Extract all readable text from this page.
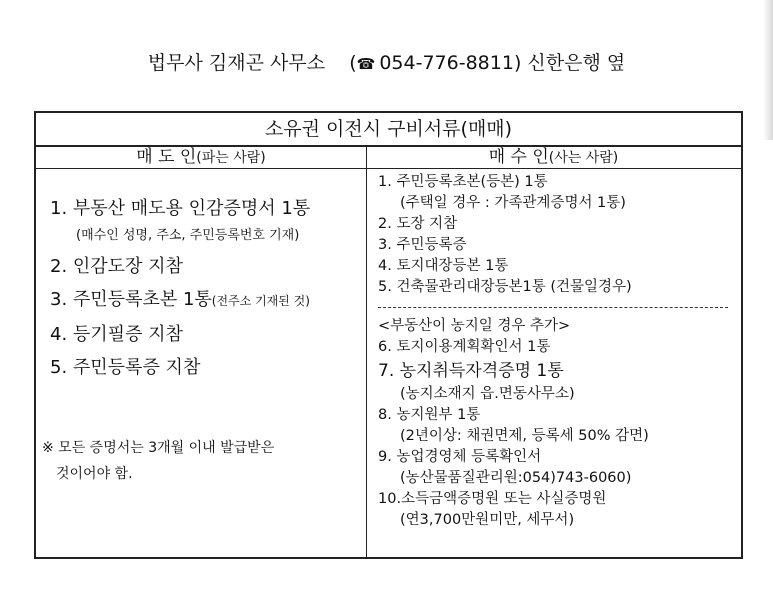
법무사 김재곤 사무소    (☎ 054-776-8811) 신한은행 옆
소유권 이전시 구비서류(매매)
매 도 인(파는 사람)	매 수 인(사는 사람)
1. 부동산 매도용 인감증명서 1통
(매수인 성명, 주소, 주민등록번호 기재)
2. 인감도장 지참
3. 주민등록초본 1통(전주소 기재된 것)
4. 등기필증 지참
5. 주민등록증 지참
※ 모든 증명서는 3개월 이내 발급받은
것이어야 함.
1. 주민등록초본(등본) 1통
(주택일 경우 : 가족관계증명서 1통)
2. 도장 지참
3. 주민등록증
4. 토지대장등본 1통
5. 건축물관리대장등본1통 (건물일경우)
<부동산이 농지일 경우 추가>
6. 토지이용계획확인서 1통
7. 농지취득자격증명 1통
(농지소재지 읍.면동사무소)
8. 농지원부 1통
(2년이상: 채권면제, 등록세 50% 감면)
9. 농업경영체 등록확인서
(농산물품질관리원:054)743-6060)
10.소득금액증명원 또는 사실증명원
(연3,700만원미만, 세무서)
